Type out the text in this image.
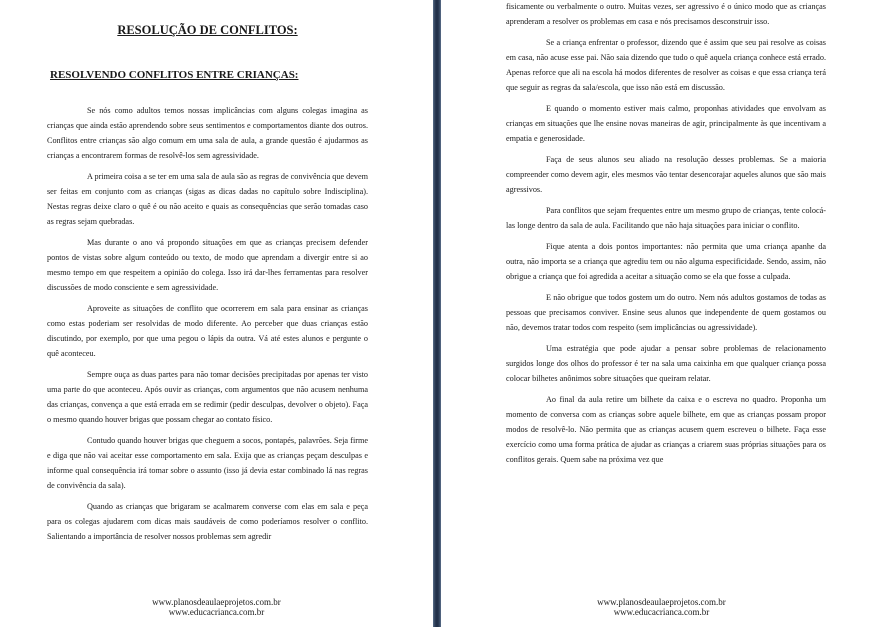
RESOLUÇÃO DE CONFLITOS:
RESOLVENDO CONFLITOS ENTRE CRIANÇAS:

Se nós como adultos temos nossas implicâncias com alguns colegas imagina as crianças que ainda estão aprendendo sobre seus sentimentos e comportamentos diante dos outros. Conflitos entre crianças são algo comum em uma sala de aula, a grande questão é ajudarmos as crianças a encontrarem formas de resolvê-los sem agressividade.

A primeira coisa a se ter em uma sala de aula são as regras de convivência que devem ser feitas em conjunto com as crianças (sigas as dicas dadas no capítulo sobre Indisciplina). Nestas regras deixe claro o quê é ou não aceito e quais as consequências que serão tomadas caso as regras sejam quebradas.

Mas durante o ano vá propondo situações em que as crianças precisem defender pontos de vistas sobre algum conteúdo ou texto, de modo que aprendam a divergir entre si ao mesmo tempo em que respeitem a opinião do colega. Isso irá dar-lhes ferramentas para resolver discussões de modo consciente e sem agressividade.

Aproveite as situações de conflito que ocorrerem em sala para ensinar as crianças como estas poderiam ser resolvidas de modo diferente. Ao perceber que duas crianças estão discutindo, por exemplo, por que uma pegou o lápis da outra. Vá até estes alunos e pergunte o quê aconteceu.

Sempre ouça as duas partes para não tomar decisões precipitadas por apenas ter visto uma parte do que aconteceu. Após ouvir as crianças, com argumentos que não acusem nenhuma das crianças, convença a que está errada em se redimir (pedir desculpas, devolver o objeto). Faça o mesmo quando houver brigas que possam chegar ao contato físico.

Contudo quando houver brigas que cheguem a socos, pontapés, palavrões. Seja firme e diga que não vai aceitar esse comportamento em sala. Exija que as crianças peçam desculpas e informe qual consequência irá tomar sobre o assunto (isso já devia estar combinado lá nas regras de convivência da sala).

Quando as crianças que brigaram se acalmarem converse com elas em sala e peça para os colegas ajudarem com dicas mais saudáveis de como poderíamos resolver o conflito. Salientando a importância de resolver nossos problemas sem agredir

www.planosdeaulaeprojetos.com.br
www.educacrianca.com.br

fisicamente ou verbalmente o outro. Muitas vezes, ser agressivo é o único modo que as crianças aprenderam a resolver os problemas em casa e nós precisamos desconstruir isso.

Se a criança enfrentar o professor, dizendo que é assim que seu pai resolve as coisas em casa, não acuse esse pai. Não saia dizendo que tudo o quê aquela criança conhece está errado. Apenas reforce que ali na escola há modos diferentes de resolver as coisas e que essa criança terá que seguir as regras da sala/escola, que isso não está em discussão.

E quando o momento estiver mais calmo, proponhas atividades que envolvam as crianças em situações que lhe ensine novas maneiras de agir, principalmente às que incentivam a empatia e generosidade.

Faça de seus alunos seu aliado na resolução desses problemas. Se a maioria compreender como devem agir, eles mesmos vão tentar desencorajar aqueles alunos que são mais agressivos.

Para conflitos que sejam frequentes entre um mesmo grupo de crianças, tente colocá-las longe dentro da sala de aula. Facilitando que não haja situações para iniciar o conflito.

Fique atenta a dois pontos importantes: não permita que uma criança apanhe da outra, não importa se a criança que agrediu tem ou não alguma especificidade. Sendo, assim, não obrigue a criança que foi agredida a aceitar a situação como se ela que fosse a culpada.

E não obrigue que todos gostem um do outro. Nem nós adultos gostamos de todas as pessoas que precisamos conviver. Ensine seus alunos que independente de quem gostamos ou não, devemos tratar todos com respeito (sem implicâncias ou agressividade).

Uma estratégia que pode ajudar a pensar sobre problemas de relacionamento surgidos longe dos olhos do professor é ter na sala uma caixinha em que qualquer criança possa colocar bilhetes anônimos sobre situações que queiram relatar.

Ao final da aula retire um bilhete da caixa e o escreva no quadro. Proponha um momento de conversa com as crianças sobre aquele bilhete, em que as crianças possam propor modos de resolvê-lo. Não permita que as crianças acusem quem escreveu o bilhete. Faça esse exercício como uma forma prática de ajudar as crianças a criarem suas próprias situações para os conflitos gerais. Quem sabe na próxima vez que

www.planosdeaulaeprojetos.com.br
www.educacrianca.com.br
